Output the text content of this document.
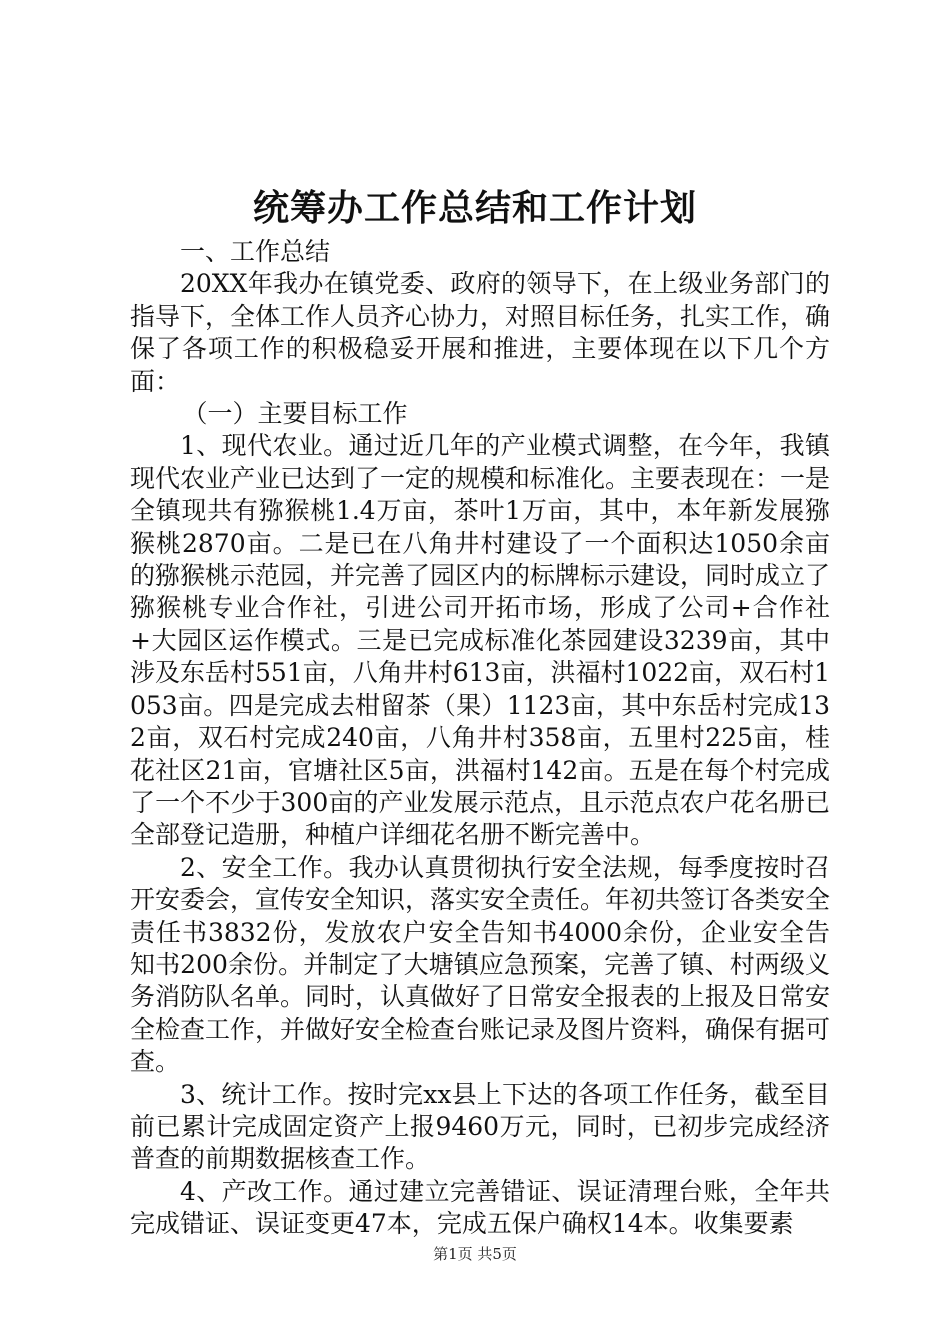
统筹办工作总结和工作计划

一、工作总结

20XX年我办在镇党委、政府的领导下，在上级业务部门的指导下，全体工作人员齐心协力，对照目标任务，扎实工作，确保了各项工作的积极稳妥开展和推进，主要体现在以下几个方面：

（一）主要目标工作

1、现代农业。通过近几年的产业模式调整，在今年，我镇现代农业产业已达到了一定的规模和标准化。主要表现在：一是全镇现共有猕猴桃1.4万亩，茶叶1万亩，其中，本年新发展猕猴桃2870亩。二是已在八角井村建设了一个面积达1050余亩的猕猴桃示范园，并完善了园区内的标牌标示建设，同时成立了猕猴桃专业合作社，引进公司开拓市场，形成了公司+合作社+大园区运作模式。三是已完成标准化茶园建设3239亩，其中涉及东岳村551亩，八角井村613亩，洪福村1022亩，双石村1053亩。四是完成去柑留茶（果）1123亩，其中东岳村完成132亩，双石村完成240亩，八角井村358亩，五里村225亩，桂花社区21亩，官塘社区5亩，洪福村142亩。五是在每个村完成了一个不少于300亩的产业发展示范点，且示范点农户花名册已全部登记造册，种植户详细花名册不断完善中。

2、安全工作。我办认真贯彻执行安全法规，每季度按时召开安委会，宣传安全知识，落实安全责任。年初共签订各类安全责任书3832份，发放农户安全告知书4000余份，企业安全告知书200余份。并制定了大塘镇应急预案，完善了镇、村两级义务消防队名单。同时，认真做好了日常安全报表的上报及日常安全检查工作，并做好安全检查台账记录及图片资料，确保有据可查。

3、统计工作。按时完xx县上下达的各项工作任务，截至目前已累计完成固定资产上报9460万元，同时，已初步完成经济普查的前期数据核查工作。

4、产改工作。通过建立完善错证、误证清理台账，全年共完成错证、误证变更47本，完成五保户确权14本。收集要素

第1页 共5页
